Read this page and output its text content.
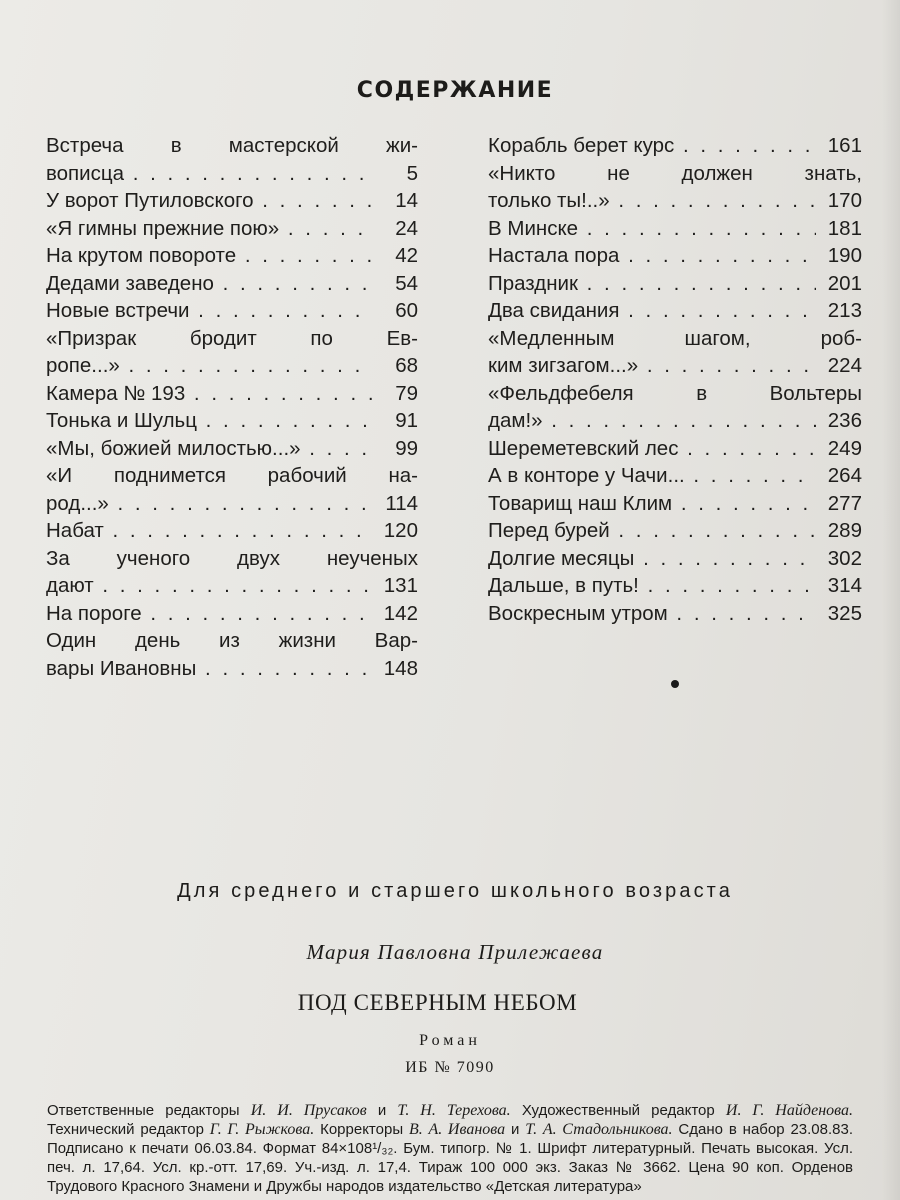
СОДЕРЖАНИЕ
Встреча в мастерской жи-
вописца . . .	5
У ворот Путиловского . . .	14
«Я гимны прежние пою» . . .	24
На крутом повороте . . .	42
Дедами заведено . . .	54
Новые встречи . . .	60
«Призрак бродит по Ев-
ропе...» . . .	68
Камера № 193 . . .	79
Тонька и Шульц . . .	91
«Мы, божией милостью...» . . .	99
«И поднимется рабочий на-
род...» . . .	114
Набат . . .	120
За ученого двух неученых
дают . . .	131
На пороге . . .	142
Один день из жизни Вар-
вары Ивановны . . .	148
Корабль берет курс . . .	161
«Никто не должен знать,
только ты!..» . . .	170
В Минске . . .	181
Настала пора . . .	190
Праздник . . .	201
Два свидания . . .	213
«Медленным шагом, роб-
ким зигзагом...» . . .	224
«Фельдфебеля в Вольтеры
дам!» . . .	236
Шереметевский лес . . .	249
А в конторе у Чачи... . . .	264
Товарищ наш Клим . . .	277
Перед бурей . . .	289
Долгие месяцы . . .	302
Дальше, в путь! . . .	314
Воскресным утром . . .	325
Для среднего и старшего школьного возраста
Мария Павловна Прилежаева
ПОД СЕВЕРНЫМ НЕБОМ
Роман
ИБ № 7090
Ответственные редакторы И. И. Прусаков и Т. Н. Терехова. Художественный редактор И. Г. Найденова. Технический редактор Г. Г. Рыжкова. Корректоры В. А. Иванова и Т. А. Стадольникова. Сдано в набор 23.08.83. Подписано к печати 06.03.84. Формат 84×108¹/₃₂. Бум. типогр. № 1. Шрифт литературный. Печать высокая. Усл. печ. л. 17,64. Усл. кр.-отт. 17,69. Уч.-изд. л. 17,4. Тираж 100 000 экз. Заказ № 3662. Цена 90 коп. Орденов Трудового Красного Знамени и Дружбы народов издательство «Детская литература»
